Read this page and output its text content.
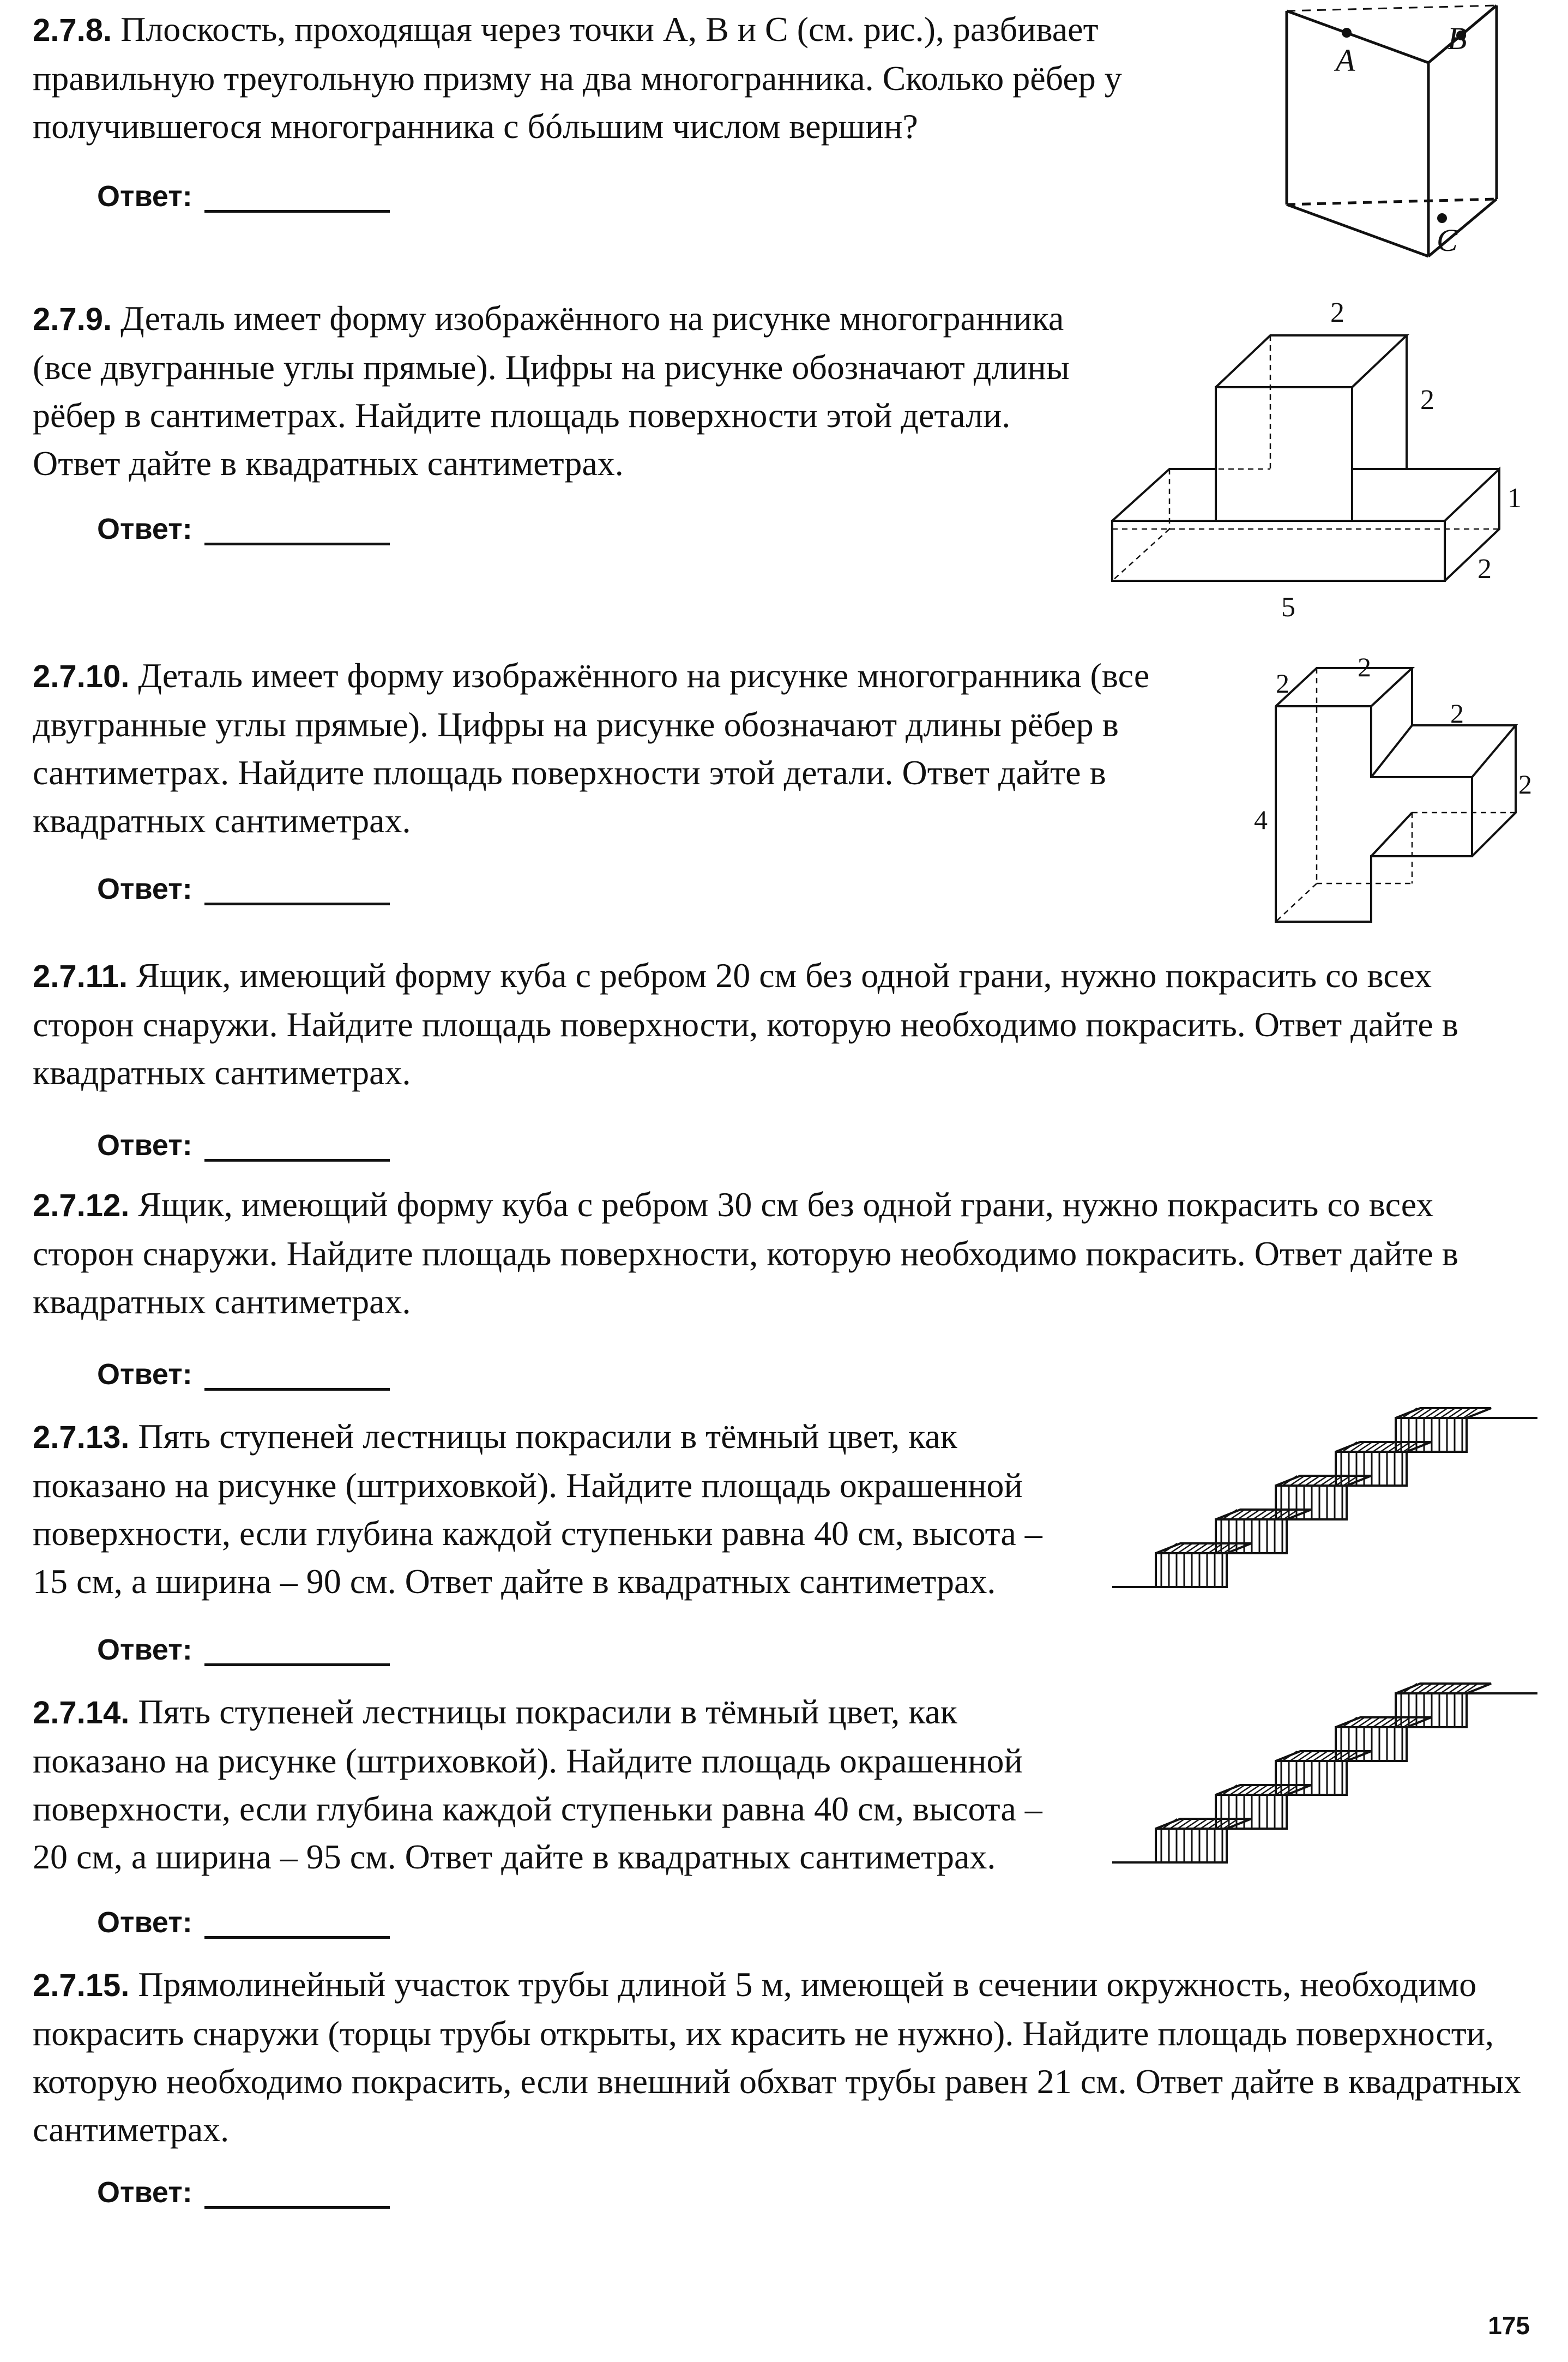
2.7.8. Плоскость, проходящая через точки A, B и C (см. рис.), разбивает правильную треугольную призму на два многогранника. Сколько рёбер у получившегося многогранника с бóльшим числом вершин?

Ответ:
A
B
C

2.7.9. Деталь имеет форму изображённого на рисунке многогранника (все двугранные углы прямые). Цифры на рисунке обозначают длины рёбер в сантиметрах. Найдите площадь поверхности этой детали. Ответ дайте в квадратных сантиметрах.

Ответ:
2
2
1
2
5

2.7.10. Деталь имеет форму изображённого на рисунке многогранника (все двугранные углы прямые). Цифры на рисунке обозначают длины рёбер в сантиметрах. Найдите площадь поверхности этой детали. Ответ дайте в квадратных сантиметрах.

Ответ:
2
2
2
2
4

2.7.11. Ящик, имеющий форму куба с ребром 20 см без одной грани, нужно покрасить со всех сторон снаружи. Найдите площадь поверхности, которую необходимо покрасить. Ответ дайте в квадратных сантиметрах.

Ответ:

2.7.12. Ящик, имеющий форму куба с ребром 30 см без одной грани, нужно покрасить со всех сторон снаружи. Найдите площадь поверхности, которую необходимо покрасить. Ответ дайте в квадратных сантиметрах.

Ответ:

2.7.13. Пять ступеней лестницы покрасили в тёмный цвет, как показано на рисунке (штриховкой). Найдите площадь окрашенной поверхности, если глубина каждой ступеньки равна 40 см, высота – 15 см, а ширина – 90 см. Ответ дайте в квадратных сантиметрах.

Ответ:

2.7.14. Пять ступеней лестницы покрасили в тёмный цвет, как показано на рисунке (штриховкой). Найдите площадь окрашенной поверхности, если глубина каждой ступеньки равна 40 см, высота – 20 см, а ширина – 95 см. Ответ дайте в квадратных сантиметрах.

Ответ:

2.7.15. Прямолинейный участок трубы длиной 5 м, имеющей в сечении окружность, необходимо покрасить снаружи (торцы трубы открыты, их красить не нужно). Найдите площадь поверхности, которую необходимо покрасить, если внешний обхват трубы равен 21 см. Ответ дайте в квадратных сантиметрах.

Ответ:
175
